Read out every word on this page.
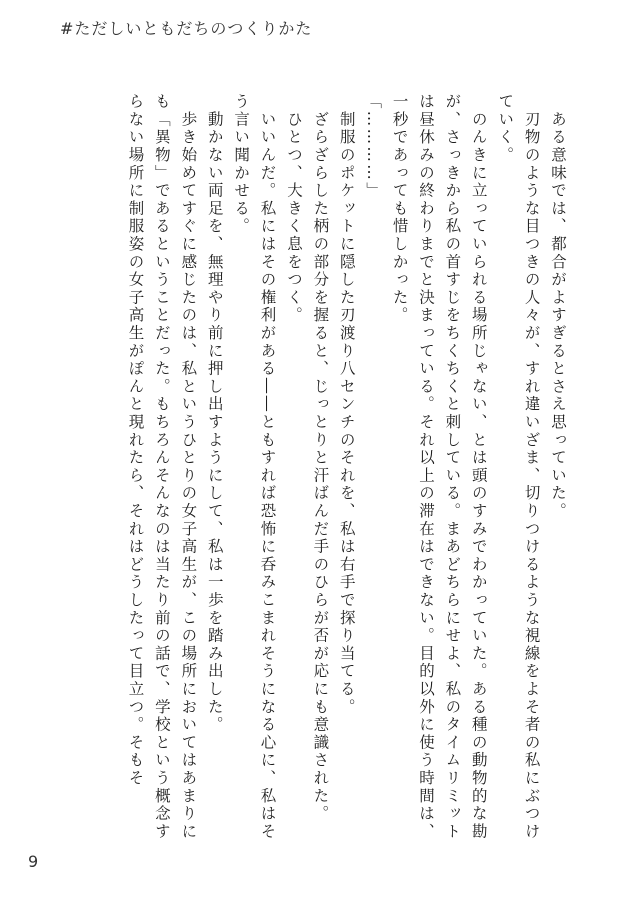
#ただしいともだちのつくりかた

　ある意味では、都合がよすぎるとさえ思っていた。
　刃物のような目つきの人々が、すれ違いざま、切りつけるような視線をよそ者の私にぶつけていく。

　のんきに立っていられる場所じゃない、とは頭のすみでわかっていた。ある種の動物的な勘が、さっきから私の首すじをちくちくと刺している。まあどちらにせよ、私のタイムリミットは昼休みの終わりまでと決まっている。それ以上の滞在はできない。目的以外に使う時間は、一秒であっても惜しかった。

「…………」

　制服のポケットに隠した刃渡り八センチのそれを、私は右手で探り当てる。
　ざらざらした柄の部分を握ると、じっとりと汗ばんだ手のひらが否が応にも意識された。
　ひとつ、大きく息をつく。
　いいんだ。私にはその権利がある――ともすれば恐怖に呑みこまれそうになる心に、私はそう言い聞かせる。

　動かない両足を、無理やり前に押し出すようにして、私は一歩を踏み出した。
　歩き始めてすぐに感じたのは、私というひとりの女子高生が、この場所においてはあまりにも「異物」であるということだった。もちろんそんなのは当たり前の話で、学校という概念すらない場所に制服姿の女子高生がぽんと現れたら、それはどうしたって目立つ。そもそ

9
